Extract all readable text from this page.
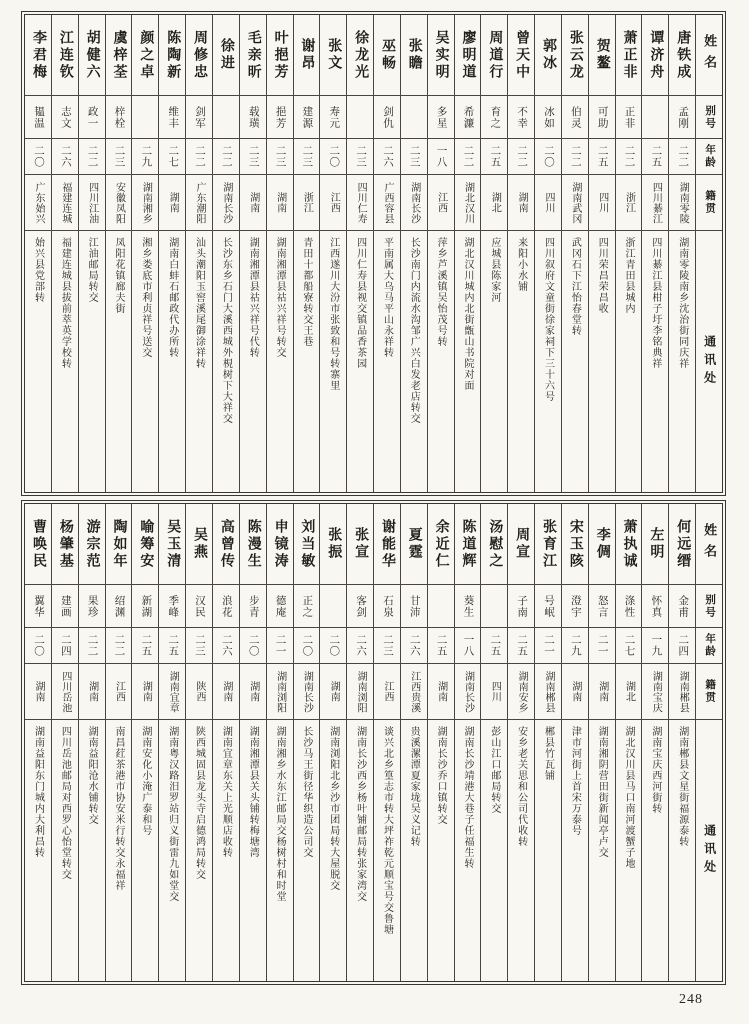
姓名
别号
年龄
籍贯
通讯处
唐铁成
孟刚
二二
湖南零陵
湖南零陵南乡沈治街同庆祥
谭济舟
二五
四川綦江
四川綦江县柑子圩李铭典祥
萧正非
正非
二二
浙江
浙江青田县城内
贺鳌
可助
二五
四川
四川荣昌荣昌收
张云龙
伯灵
二二
湖南武冈
武冈石下江怡春堂转
郭冰
冰如
二〇
四川
四川叙府文童街徐家祠下三十六号
曾天中
不幸
二二
湖南
来阳小水铺
周道行
育之
二五
湖北
应城县陈家河
廖明道
希濂
二二
湖北汉川
湖北汉川城内北街甑山书院对面
吴实明
多星
一八
江西
萍乡芦溪镇吴怡茂号转
张瞻
二三
湖南长沙
长沙南门内流水沟邹广兴白发老店转交
巫畅
剑仇
二六
广西容县
平南属大乌马平山永祥转
徐龙光
二三
四川仁寿
四川仁寿县视交镇品香茶园
张文
寿元
二〇
江西
江西遂川大汾市张致和号转寨里
谢昂
建源
二三
浙江
青田十都船寮转交王巷
叶挹芳
挹芳
二三
湖南
湖南湘潭县祜兴祥号转交
毛亲昕
载璜
二三
湖南
湖南湘潭县祜兴祥号代转
徐进
二二
湖南长沙
长沙东乡石门大溪西城外梘树下大祥交
周修忠
剑军
二二
广东潮阳
汕头潮阳玉窖溪尾御涂祥转
陈陶新
维丰
二七
湖南
湖南白蚌石邮政代办所转
颜之卓
二九
湖南湘乡
湘乡娄底市利贞祥号送交
虞梓荃
梓栓
二三
安徽凤阳
凤阳花镇廊夫街
胡健六
政一
二二
四川江油
江油邮局转交
江连钦
志文
二六
福建连城
福建连城县拔前萃英学校转
李君梅
韫温
二〇
广东始兴
始兴县党部转
姓名
别号
年龄
籍贯
通讯处
何远缙
金甫
二四
湖南郴县
湖南郴县文星街福源泰转
左明
怀真
一九
湖南宝庆
湖南宝庆西河街转
萧执诚
涤性
二七
湖北
湖北汉川县马口南河渡蟹子地
李倜
怒言
二一
湖南
湖南湘阴营田街新闻亭卢交
宋玉陔
澄宇
二九
湖南
津市河街上首宋万泰号
张育江
号岷
二一
湖南郴县
郴县竹瓦铺
周宣
子南
二五
湖南安乡
安乡老关思和公司代收转
汤慰之
二五
四川
彭山江口邮局转交
陈道辉
葵生
一八
湖南长沙
湖南长沙靖港大巷子任福生转
余近仁
二五
湖南
湖南长沙乔口镇转交
夏霆
甘沛
二六
江西贵溪
贵溪漯潭夏家垅吴义记转
谢能华
石泉
二三
江西
谈兴北乡篁志市转大坪祚乾元顺宝号交鲁塘
张宣
客剑
二六
湖南浏阳
湖南长沙西乡杨叶铺邮局转张家湾交
张振
二〇
湖南
湖南浏阳北乡沙市团局转大屋脱交
刘当敏
正之
二〇
湖南长沙
长沙马王街径华织造公司交
申镜涛
德庵
二一
湖南浏阳
湖南湘乡水东江邮局交杨树村和时堂
陈漫生
步青
二〇
湖南
湖南湘潭县关头铺转梅塘湾
高曾传
浪花
二六
湖南
湖南宜章东关上光顺店收转
吴燕
汉民
二三
陕西
陕西城固县龙头寺启德鸿局转交
吴玉清
季峰
二五
湖南宜章
湖南粤汉路汨罗站归义街雷九如堂交
喻筹安
新湖
二五
湖南
湖南安化小淹广泰和号
陶如年
绍渊
二二
江西
南昌荭茶港市协安米行转交永福祥
游宗范
果珍
二二
湖南
湖南益阳沧水铺转交
杨肇基
建画
二四
四川岳池
四川岳池邮局对西罗心怡堂转交
曹唤民
翼华
二〇
湖南
湖南益阳东门城内大利昌转
248
